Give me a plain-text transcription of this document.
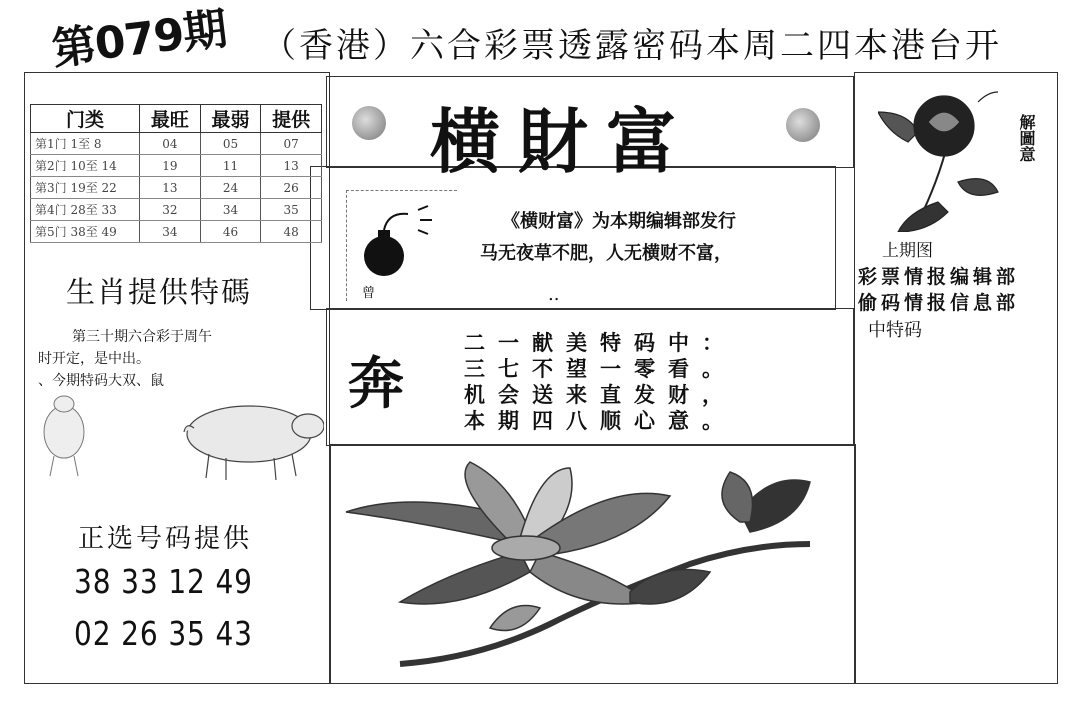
第079期 （香港）六合彩票透露密码本周二四本港台开
门类	最旺	最弱	提供
第1门 1至 8	04	05	07
第2门 10至 14	19	11	13
第3门 19至 22	13	24	26
第4门 28至 33	32	34	35
第5门 38至 49	34	46	48
生肖提供特碼
第三十期六合彩于周午
时开定，是中出。
、今期特码大双、鼠
正选号码提供
38 33 12 49
02 26 35 43
横財富
曾
《横财富》为本期编辑部发行
马无夜草不肥，人无横财不富，
..
奔
二一献美特码中：
三七不望一零看。
机会送来直发财，
本期四八顺心意。
解圖意
上期图
彩票情报编辑部
偷码情报信息部
中特码
